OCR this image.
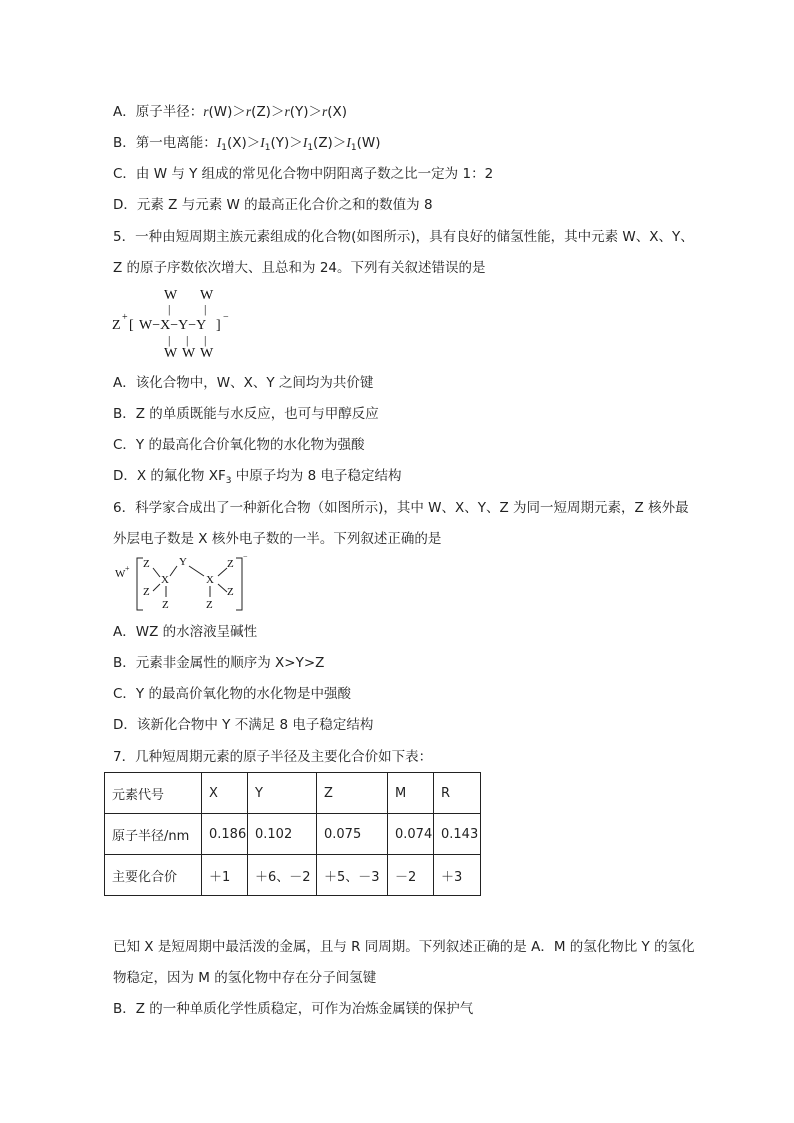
A．原子半径：r(W)＞r(Z)＞r(Y)＞r(X)
B．第一电离能：$I_1(X)>I_1(Y)>I_1(Z)>I_1(W)$
C．由 W 与 Y 组成的常见化合物中阴阳离子数之比一定为 1：2
D．元素 Z 与元素 W 的最高正化合价之和的数值为 8
5．一种由短周期主族元素组成的化合物(如图所示)，具有良好的储氢性能，其中元素 W、X、Y、
Z 的原子序数依次增大、且总和为 24。下列有关叙述错误的是
W W
|	|
Z
+
[ W−X−Y−Y ]
−
| | |
W W W
A．该化合物中，W、X、Y 之间均为共价键
B．Z 的单质既能与水反应，也可与甲醇反应
C．Y 的最高化合价氧化物的水化物为强酸
D．X 的氟化物 $XF_3$ 中原子均为 8 电子稳定结构
6．科学家合成出了一种新化合物（如图所示)，其中 W、X、Y、Z 为同一短周期元素，Z 核外最
外层电子数是 X 核外电子数的一半。下列叙述正确的是
W + Z	Y
X	X
Z
Z	Z
Z	Z
−
A．WZ 的水溶液呈碱性
B．元素非金属性的顺序为 X>Y>Z
C．Y 的最高价氧化物的水化物是中强酸
D．该新化合物中 Y 不满足 8 电子稳定结构
7．几种短周期元素的原子半径及主要化合价如下表：
元素代号	X	Y	Z	M	R
原子半径/nm	0.186	0.102	0.075	0.074	0.143
主要化合价	＋1	＋6、－2	＋5、－3	－2	＋3
已知 X 是短周期中最活泼的金属，且与 R 同周期。下列叙述正确的是 A．M 的氢化物比 Y 的氢化
物稳定，因为 M 的氢化物中存在分子间氢键
B．Z 的一种单质化学性质稳定，可作为冶炼金属镁的保护气
